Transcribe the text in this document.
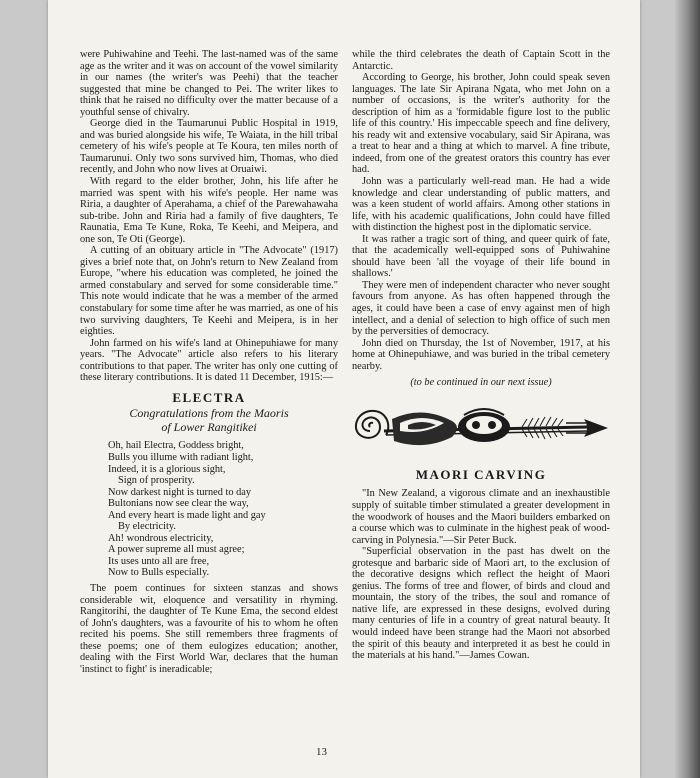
were Puhiwahine and Teehi. The last-named was of the same age as the writer and it was on account of the vowel similarity in our names (the writer's was Peehi) that the teacher suggested that mine be changed to Pei. The writer likes to think that he raised no difficulty over the matter because of a youthful sense of chivalry.

George died in the Taumarunui Public Hospital in 1919, and was buried alongside his wife, Te Waiata, in the hill tribal cemetery of his wife's people at Te Koura, ten miles north of Taumarunui. Only two sons survived him, Thomas, who died recently, and John who now lives at Oruaiwi.

With regard to the elder brother, John, his life after he married was spent with his wife's people. Her name was Riria, a daughter of Aperahama, a chief of the Parewahawaha sub-tribe. John and Riria had a family of five daughters, Te Raunatia, Ema Te Kune, Roka, Te Keehi, and Meipera, and one son, Te Oti (George).

A cutting of an obituary article in "The Advocate" (1917) gives a brief note that, on John's return to New Zealand from Europe, "where his education was completed, he joined the armed constabulary and served for some considerable time." This note would indicate that he was a member of the armed constabulary for some time after he was married, as one of his two surviving daughters, Te Keehi and Meipera, is in her eighties.

John farmed on his wife's land at Ohinepuhiawe for many years. "The Advocate" article also refers to his literary contributions to that paper. The writer has only one cutting of these literary contributions. It is dated 11 December, 1915:—

ELECTRA
Congratulations from the Maoris
of Lower Rangitikei
Oh, hail Electra, Goddess bright,
Bulls you illume with radiant light,
Indeed, it is a glorious sight,
Sign of prosperity.
Now darkest night is turned to day
Bultonians now see clear the way,
And every heart is made light and gay
By electricity.
Ah! wondrous electricity,
A power supreme all must agree;
Its uses unto all are free,
Now to Bulls especially.

The poem continues for sixteen stanzas and shows considerable wit, eloquence and versatility in rhyming. Rangitorihi, the daughter of Te Kune Ema, the second eldest of John's daughters, was a favourite of his to whom he often recited his poems. She still remembers three fragments of these poems; one of them eulogizes education; another, dealing with the First World War, declares that the human 'instinct to fight' is ineradicable;

while the third celebrates the death of Captain Scott in the Antarctic.

According to George, his brother, John could speak seven languages. The late Sir Apirana Ngata, who met John on a number of occasions, is the writer's authority for the description of him as a 'formidable figure lost to the public life of this country.' His impeccable speech and fine delivery, his ready wit and extensive vocabulary, said Sir Apirana, was a treat to hear and a thing at which to marvel. A fine tribute, indeed, from one of the greatest orators this country has ever had.

John was a particularly well-read man. He had a wide knowledge and clear understanding of public matters, and was a keen student of world affairs. Among other stations in life, with his academic qualifications, John could have filled with distinction the highest post in the diplomatic service.

It was rather a tragic sort of thing, and queer quirk of fate, that the academically well-equipped sons of Puhiwahine should have been 'all the voyage of their life bound in shallows.'

They were men of independent character who never sought favours from anyone. As has often happened through the ages, it could have been a case of envy against men of high intellect, and a denial of selection to high office of such men by the perversities of democracy.

John died on Thursday, the 1st of November, 1917, at his home at Ohinepuhiawe, and was buried in the tribal cemetery nearby.

(to be continued in our next issue)

MAORI CARVING

"In New Zealand, a vigorous climate and an inexhaustible supply of suitable timber stimulated a greater development in the woodwork of houses and the Maori builders embarked on a course which was to culminate in the highest peak of wood-carving in Polynesia."—Sir Peter Buck.

"Superficial observation in the past has dwelt on the grotesque and barbaric side of Maori art, to the exclusion of the decorative designs which reflect the height of Maori genius. The forms of tree and flower, of birds and cloud and mountain, the story of the tribes, the soul and romance of native life, are expressed in these designs, evolved during many centuries of life in a country of great natural beauty. It would indeed have been strange had the Maori not absorbed the spirit of this beauty and interpreted it as best he could in the materials at his hand."—James Cowan.

13
